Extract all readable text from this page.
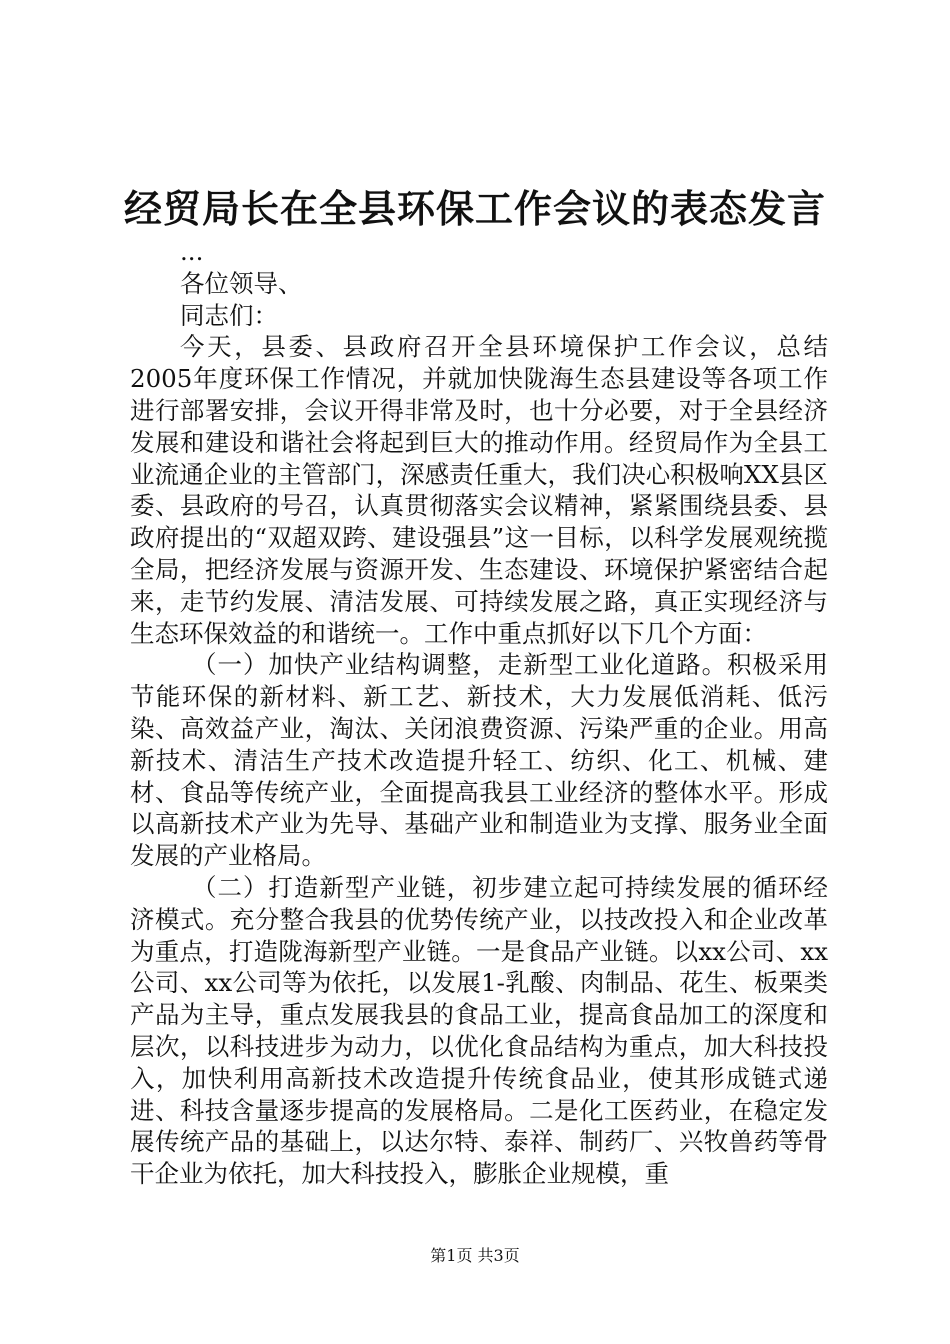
经贸局长在全县环保工作会议的表态发言

...

各位领导、

同志们：

今天，县委、县政府召开全县环境保护工作会议，总结2005年度环保工作情况，并就加快陇海生态县建设等各项工作进行部署安排，会议开得非常及时，也十分必要，对于全县经济发展和建设和谐社会将起到巨大的推动作用。经贸局作为全县工业流通企业的主管部门，深感责任重大，我们决心积极响XX县区委、县政府的号召，认真贯彻落实会议精神，紧紧围绕县委、县政府提出的“双超双跨、建设强县”这一目标，以科学发展观统揽全局，把经济发展与资源开发、生态建设、环境保护紧密结合起来，走节约发展、清洁发展、可持续发展之路，真正实现经济与生态环保效益的和谐统一。工作中重点抓好以下几个方面：

（一）加快产业结构调整，走新型工业化道路。积极采用节能环保的新材料、新工艺、新技术，大力发展低消耗、低污染、高效益产业，淘汰、关闭浪费资源、污染严重的企业。用高新技术、清洁生产技术改造提升轻工、纺织、化工、机械、建材、食品等传统产业，全面提高我县工业经济的整体水平。形成以高新技术产业为先导、基础产业和制造业为支撑、服务业全面发展的产业格局。

（二）打造新型产业链，初步建立起可持续发展的循环经济模式。充分整合我县的优势传统产业，以技改投入和企业改革为重点，打造陇海新型产业链。一是食品产业链。以xx公司、xx公司、xx公司等为依托，以发展1-乳酸、肉制品、花生、板栗类产品为主导，重点发展我县的食品工业，提高食品加工的深度和层次，以科技进步为动力，以优化食品结构为重点，加大科技投入，加快利用高新技术改造提升传统食品业，使其形成链式递进、科技含量逐步提高的发展格局。二是化工医药业，在稳定发展传统产品的基础上，以达尔特、泰祥、制药厂、兴牧兽药等骨干企业为依托，加大科技投入，膨胀企业规模，重

第1页 共3页
